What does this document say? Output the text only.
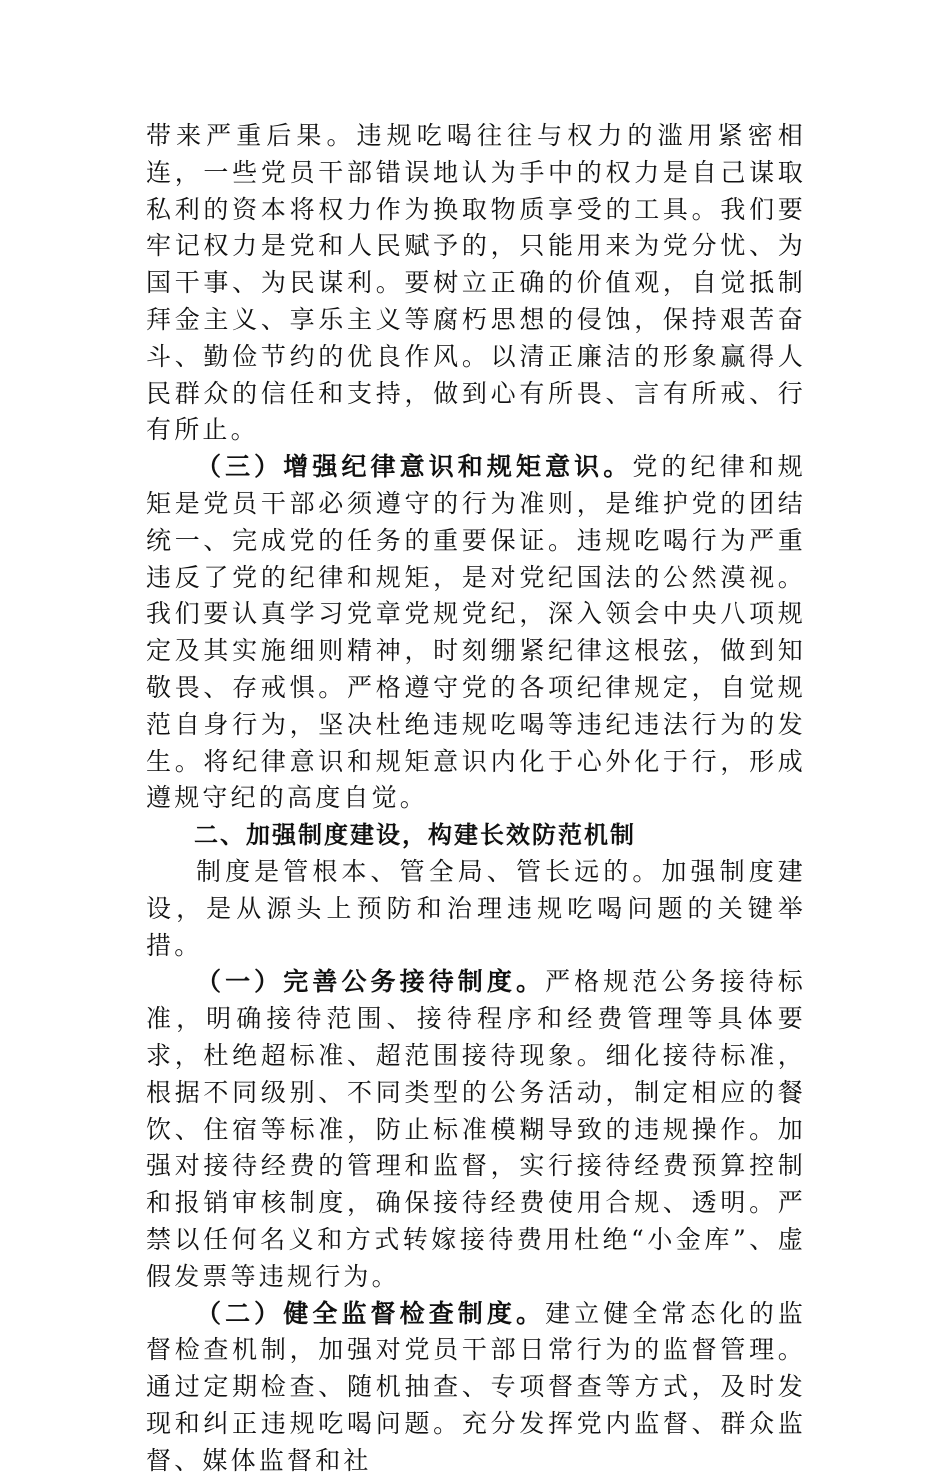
带来严重后果。违规吃喝往往与权力的滥用紧密相连，一些党员干部错误地认为手中的权力是自己谋取私利的资本将权力作为换取物质享受的工具。我们要牢记权力是党和人民赋予的，只能用来为党分忧、为国干事、为民谋利。要树立正确的价值观，自觉抵制拜金主义、享乐主义等腐朽思想的侵蚀，保持艰苦奋斗、勤俭节约的优良作风。以清正廉洁的形象赢得人民群众的信任和支持，做到心有所畏、言有所戒、行有所止。

（三）增强纪律意识和规矩意识。党的纪律和规矩是党员干部必须遵守的行为准则，是维护党的团结统一、完成党的任务的重要保证。违规吃喝行为严重违反了党的纪律和规矩，是对党纪国法的公然漠视。我们要认真学习党章党规党纪，深入领会中央八项规定及其实施细则精神，时刻绷紧纪律这根弦，做到知敬畏、存戒惧。严格遵守党的各项纪律规定，自觉规范自身行为，坚决杜绝违规吃喝等违纪违法行为的发生。将纪律意识和规矩意识内化于心外化于行，形成遵规守纪的高度自觉。

二、加强制度建设，构建长效防范机制

制度是管根本、管全局、管长远的。加强制度建设，是从源头上预防和治理违规吃喝问题的关键举措。

（一）完善公务接待制度。严格规范公务接待标准，明确接待范围、接待程序和经费管理等具体要求，杜绝超标准、超范围接待现象。细化接待标准，根据不同级别、不同类型的公务活动，制定相应的餐饮、住宿等标准，防止标准模糊导致的违规操作。加强对接待经费的管理和监督，实行接待经费预算控制和报销审核制度，确保接待经费使用合规、透明。严禁以任何名义和方式转嫁接待费用杜绝“小金库”、虚假发票等违规行为。

（二）健全监督检查制度。建立健全常态化的监督检查机制，加强对党员干部日常行为的监督管理。通过定期检查、随机抽查、专项督查等方式，及时发现和纠正违规吃喝问题。充分发挥党内监督、群众监督、媒体监督和社
